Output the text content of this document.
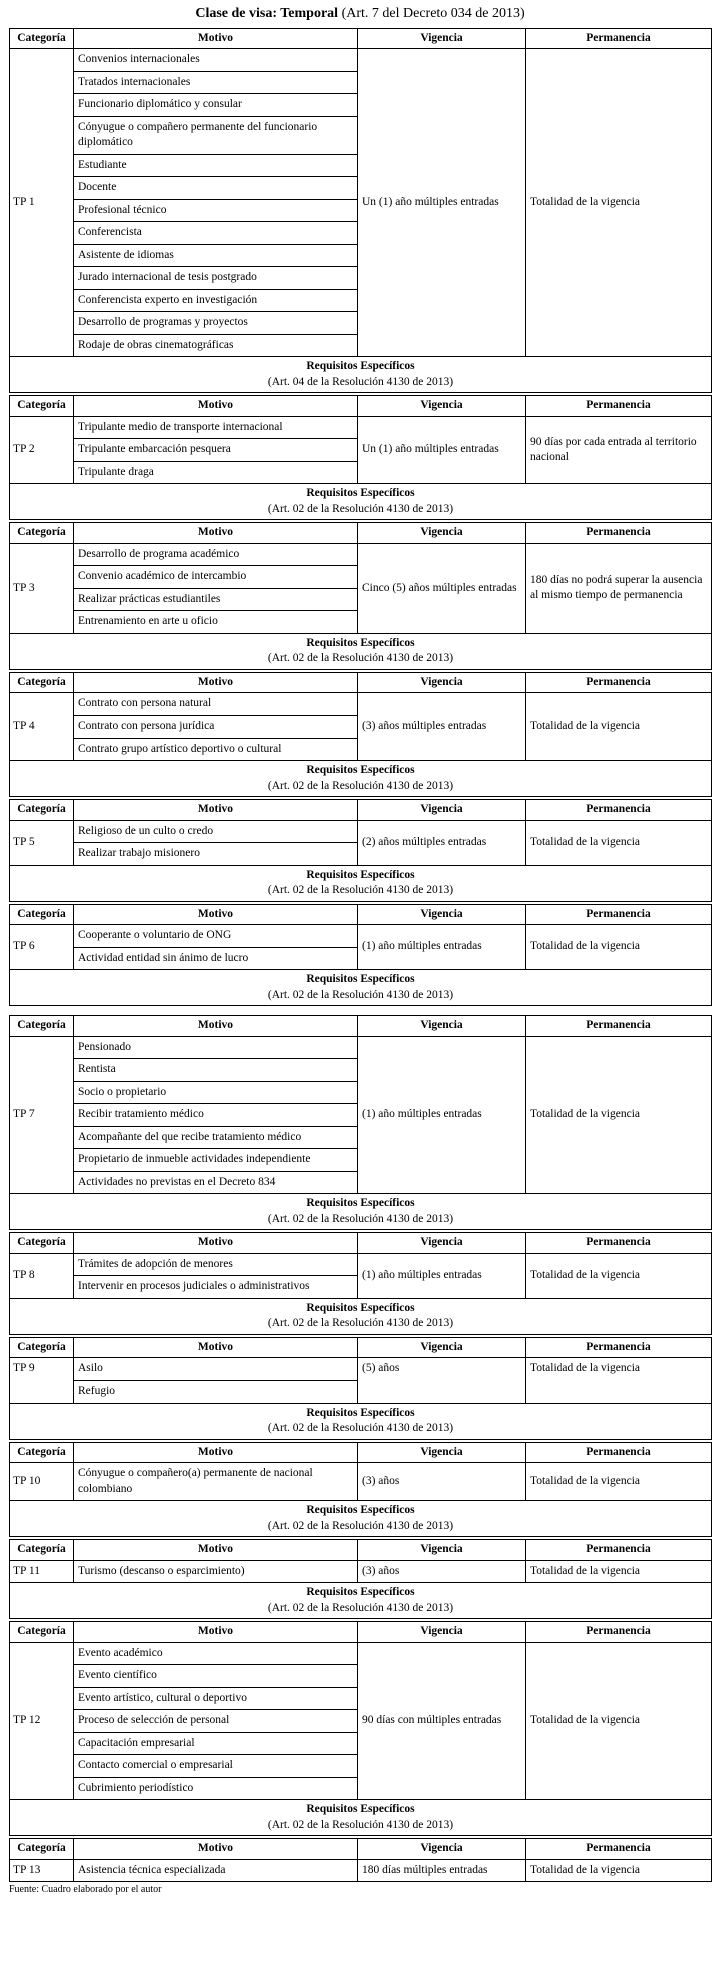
Clase de visa: Temporal (Art. 7 del Decreto 034 de 2013)
Categoría	Motivo	Vigencia	Permanencia
TP 1	Convenios internacionales	Un (1) año múltiples entradas	Totalidad de la vigencia
	Tratados internacionales		
	Funcionario diplomático y consular		
	Cónyugue o compañero permanente del funcionario diplomático		
	Estudiante		
	Docente		
	Profesional técnico		
	Conferencista		
	Asistente de idiomas		
	Jurado internacional de tesis postgrado		
	Conferencista experto en investigación		
	Desarrollo de programas y proyectos		
	Rodaje de obras cinematográficas		

Requisitos Específicos
(Art. 04 de la Resolución 4130 de 2013)			
Categoría	Motivo	Vigencia	Permanencia
TP 2	Tripulante medio de transporte internacional	Un (1) año múltiples entradas	90 días por cada entrada al territorio nacional
	Tripulante embarcación pesquera		
	Tripulante draga		

Requisitos Específicos
(Art. 02 de la Resolución 4130 de 2013)			
Categoría	Motivo	Vigencia	Permanencia
TP 3	Desarrollo de programa académico	Cinco (5) años múltiples entradas	180 días no podrá superar la ausencia al mismo tiempo de permanencia
	Convenio académico de intercambio		
	Realizar prácticas estudiantiles		
	Entrenamiento en arte u oficio		

Requisitos Específicos
(Art. 02 de la Resolución 4130 de 2013)			
Categoría	Motivo	Vigencia	Permanencia
TP 4	Contrato con persona natural	(3) años múltiples entradas	Totalidad de la vigencia
	Contrato con persona jurídica		
	Contrato grupo artístico deportivo o cultural		

Requisitos Específicos
(Art. 02 de la Resolución 4130 de 2013)			
Categoría	Motivo	Vigencia	Permanencia
TP 5	Religioso de un culto o credo	(2) años múltiples entradas	Totalidad de la vigencia
	Realizar trabajo misionero		

Requisitos Específicos
(Art. 02 de la Resolución 4130 de 2013)			
Categoría	Motivo	Vigencia	Permanencia
TP 6	Cooperante o voluntario de ONG	(1) año múltiples entradas	Totalidad de la vigencia
	Actividad entidad sin ánimo de lucro		

Requisitos Específicos
(Art. 02 de la Resolución 4130 de 2013)			
Categoría	Motivo	Vigencia	Permanencia
TP 7	Pensionado	(1) año múltiples entradas	Totalidad de la vigencia
	Rentista		
	Socio o propietario		
	Recibir tratamiento médico		
	Acompañante del que recibe tratamiento médico		
	Propietario de inmueble actividades independiente		
	Actividades no previstas en el Decreto 834		

Requisitos Específicos
(Art. 02 de la Resolución 4130 de 2013)			
Categoría	Motivo	Vigencia	Permanencia
TP 8	Trámites de adopción de menores	(1) año múltiples entradas	Totalidad de la vigencia
	Intervenir en procesos judiciales o administrativos		

Requisitos Específicos
(Art. 02 de la Resolución 4130 de 2013)			
Categoría	Motivo	Vigencia	Permanencia
TP 9	Asilo	(5) años	Totalidad de la vigencia
	Refugio		

Requisitos Específicos
(Art. 02 de la Resolución 4130 de 2013)			
Categoría	Motivo	Vigencia	Permanencia
TP 10	Cónyugue o compañero(a) permanente de nacional colombiano	(3) años	Totalidad de la vigencia

Requisitos Específicos
(Art. 02 de la Resolución 4130 de 2013)			
Categoría	Motivo	Vigencia	Permanencia
TP 11	Turismo (descanso o esparcimiento)	(3) años	Totalidad de la vigencia

Requisitos Específicos
(Art. 02 de la Resolución 4130 de 2013)			
Categoría	Motivo	Vigencia	Permanencia
TP 12	Evento académico	90 días con múltiples entradas	Totalidad de la vigencia
	Evento científico		
	Evento artístico, cultural o deportivo		
	Proceso de selección de personal		
	Capacitación empresarial		
	Contacto comercial o empresarial		
	Cubrimiento periodístico		

Requisitos Específicos
(Art. 02 de la Resolución 4130 de 2013)			
Categoría	Motivo	Vigencia	Permanencia
TP 13	Asistencia técnica especializada	180 días múltiples entradas	Totalidad de la vigencia
Fuente: Cuadro elaborado por el autor
